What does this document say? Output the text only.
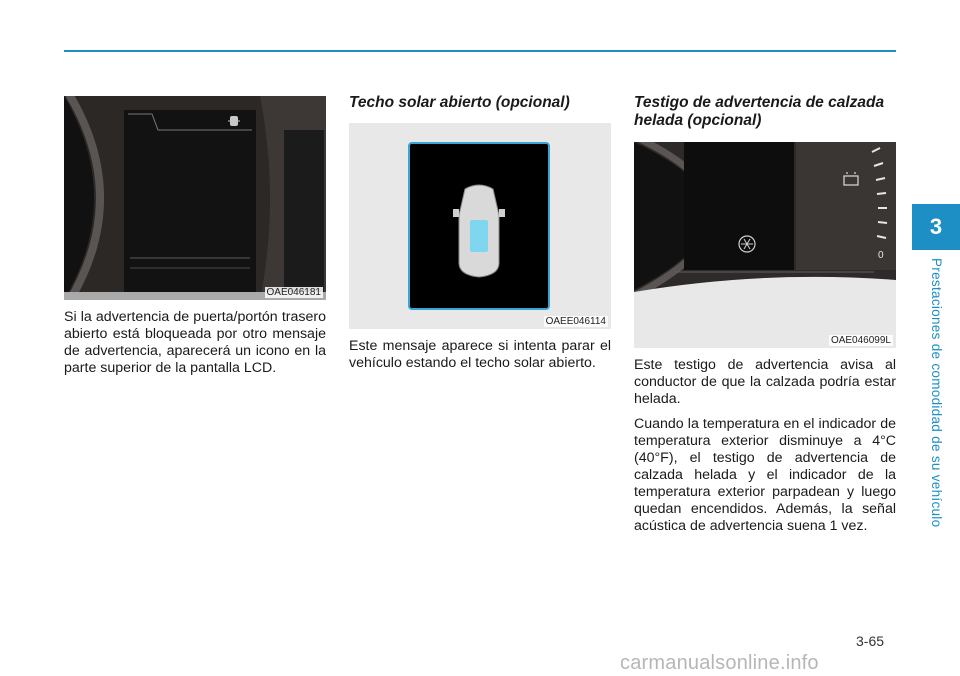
3
Prestaciones de comodidad de su vehículo
OAE046181

Si la advertencia de puerta/portón trasero abierto está bloqueada por otro mensaje de advertencia, aparecerá un icono en la parte superior de la pantalla LCD.

Techo solar abierto (opcional)
OAEE046114

Este mensaje aparece si intenta parar el vehículo estando el techo solar abierto.

Testigo de advertencia de calzada helada (opcional)
0
OAE046099L

Este testigo de advertencia avisa al conductor de que la calzada podría estar helada.

Cuando la temperatura en el indicador de temperatura exterior disminuye a 4°C (40°F), el testigo de advertencia de calzada helada y el indicador de la temperatura exterior parpadean y luego quedan encendidos. Además, la señal acústica de advertencia suena 1 vez.

3-65
carmanualsonline.info
